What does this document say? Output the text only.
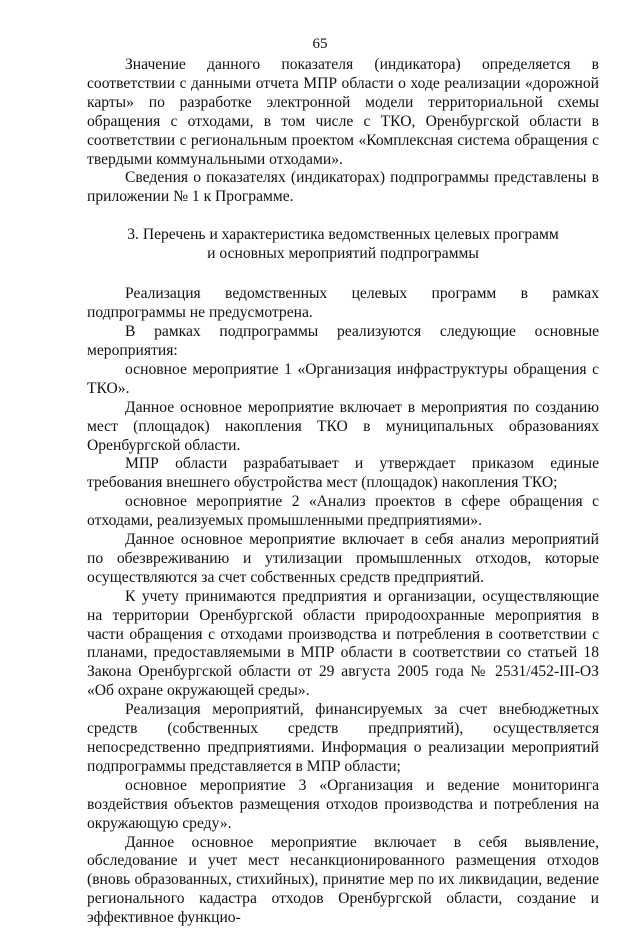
65

Значение данного показателя (индикатора) определяется в соответствии с данными отчета МПР области о ходе реализации «дорожной карты» по разработке электронной модели территориальной схемы обращения с отходами, в том числе с ТКО, Оренбургской области в соответствии с региональным проектом «Комплексная система обращения с твердыми коммунальными отходами».

Сведения о показателях (индикаторах) подпрограммы представлены в приложении № 1 к Программе.

3. Перечень и характеристика ведомственных целевых программ
и основных мероприятий подпрограммы

Реализация ведомственных целевых программ в рамках подпрограммы не предусмотрена.

В рамках подпрограммы реализуются следующие основные мероприятия:

основное мероприятие 1 «Организация инфраструктуры обращения с ТКО».

Данное основное мероприятие включает в мероприятия по созданию мест (площадок) накопления ТКО в муниципальных образованиях Оренбургской области.

МПР области разрабатывает и утверждает приказом единые требования внешнего обустройства мест (площадок) накопления ТКО;

основное мероприятие 2 «Анализ проектов в сфере обращения с отходами, реализуемых промышленными предприятиями».

Данное основное мероприятие включает в себя анализ мероприятий по обезвреживанию и утилизации промышленных отходов, которые осуществляются за счет собственных средств предприятий.

К учету принимаются предприятия и организации, осуществляющие на территории Оренбургской области природоохранные мероприятия в части обращения с отходами производства и потребления в соответствии с планами, предоставляемыми в МПР области в соответствии со статьей 18 Закона Оренбургской области от 29 августа 2005 года № 2531/452-III-ОЗ «Об охране окружающей среды».

Реализация мероприятий, финансируемых за счет внебюджетных средств (собственных средств предприятий), осуществляется непосредственно предприятиями. Информация о реализации мероприятий подпрограммы представляется в МПР области;

основное мероприятие 3 «Организация и ведение мониторинга воздействия объектов размещения отходов производства и потребления на окружающую среду».

Данное основное мероприятие включает в себя выявление, обследование и учет мест несанкционированного размещения отходов (вновь образованных, стихийных), принятие мер по их ликвидации, ведение регионального кадастра отходов Оренбургской области, создание и эффективное функцио-
